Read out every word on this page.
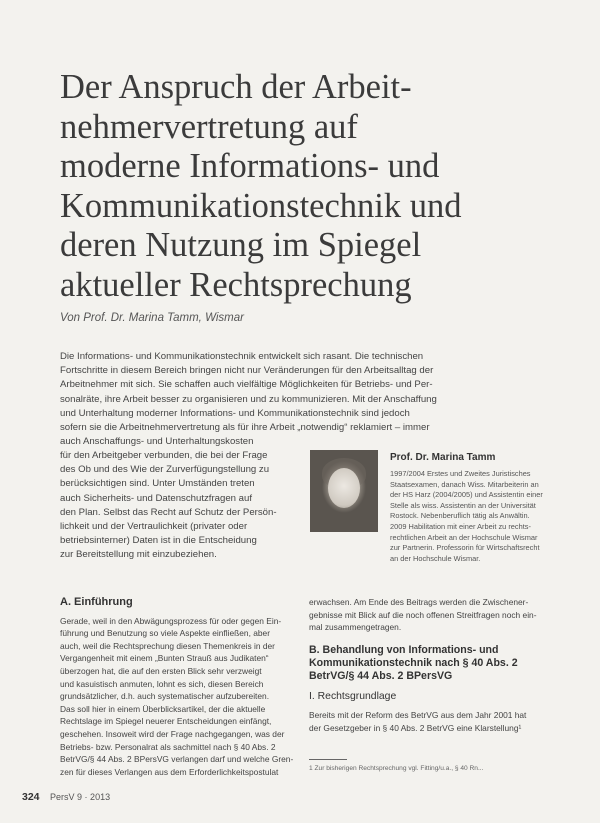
Der Anspruch der Arbeit-
nehmervertretung auf
moderne Informations- und
Kommunikationstechnik und
deren Nutzung im Spiegel
aktueller Rechtsprechung
Von Prof. Dr. Marina Tamm, Wismar
Die Informations- und Kommunikationstechnik entwickelt sich rasant. Die technischen
Fortschritte in diesem Bereich bringen nicht nur Veränderungen für den Arbeitsalltag der
Arbeitnehmer mit sich. Sie schaffen auch vielfältige Möglichkeiten für Betriebs- und Per-
sonalräte, ihre Arbeit besser zu organisieren und zu kommunizieren. Mit der Anschaffung
und Unterhaltung moderner Informations- und Kommunikationstechnik sind jedoch
sofern sie die Arbeitnehmervertretung als für ihre Arbeit „notwendig“ reklamiert – immer
auch Anschaffungs- und Unterhaltungskosten
für den Arbeitgeber verbunden, die bei der Frage
des Ob und des Wie der Zurverfügungstellung zu
berücksichtigen sind. Unter Umständen treten
auch Sicherheits- und Datenschutzfragen auf
den Plan. Selbst das Recht auf Schutz der Persön-
lichkeit und der Vertraulichkeit (privater oder
betriebsinterner) Daten ist in die Entscheidung
zur Bereitstellung mit einzubeziehen.
Prof. Dr. Marina Tamm
1997/2004 Erstes und Zweites Juristisches
Staatsexamen, danach Wiss. Mitarbeiterin an
der HS Harz (2004/2005) und Assistentin einer
Stelle als wiss. Assistentin an der Universität
Rostock. Nebenberuflich tätig als Anwältin.
2009 Habilitation mit einer Arbeit zu rechts-
rechtlichen Arbeit an der Hochschule Wismar
zur Partnerin. Professorin für Wirtschaftsrecht
an der Hochschule Wismar.
A. Einführung
Gerade, weil in den Abwägungsprozess für oder gegen Ein-
führung und Benutzung so viele Aspekte einfließen, aber
auch, weil die Rechtsprechung diesen Themenkreis in der
Vergangenheit mit einem „Bunten Strauß aus Judikaten“
überzogen hat, die auf den ersten Blick sehr verzweigt
und kasuistisch anmuten, lohnt es sich, diesen Bereich
grundsätzlicher, d.h. auch systematischer aufzubereiten.
Das soll hier in einem Überblicksartikel, der die aktuelle
Rechtslage im Spiegel neuerer Entscheidungen einfängt,
geschehen. Insoweit wird der Frage nachgegangen, was der
Betriebs- bzw. Personalrat als sachmittel nach § 40 Abs. 2
BetrVG/§ 44 Abs. 2 BPersVG verlangen darf und welche Gren-
zen für dieses Verlangen aus dem Erforderlichkeitspostulat
erwachsen. Am Ende des Beitrags werden die Zwischener-
gebnisse mit Blick auf die noch offenen Streitfragen noch ein-
mal zusammengetragen.
B. Behandlung von Informations- und
Kommunikationstechnik nach § 40 Abs. 2
BetrVG/§ 44 Abs. 2 BPersVG
I. Rechtsgrundlage
Bereits mit der Reform des BetrVG aus dem Jahr 2001 hat
der Gesetzgeber in § 40 Abs. 2 BetrVG eine Klarstellung¹
1 Zur bisherigen Rechtsprechung vgl. Fitting/u.a., § 40 Rn...
324 PersV 9 · 2013
